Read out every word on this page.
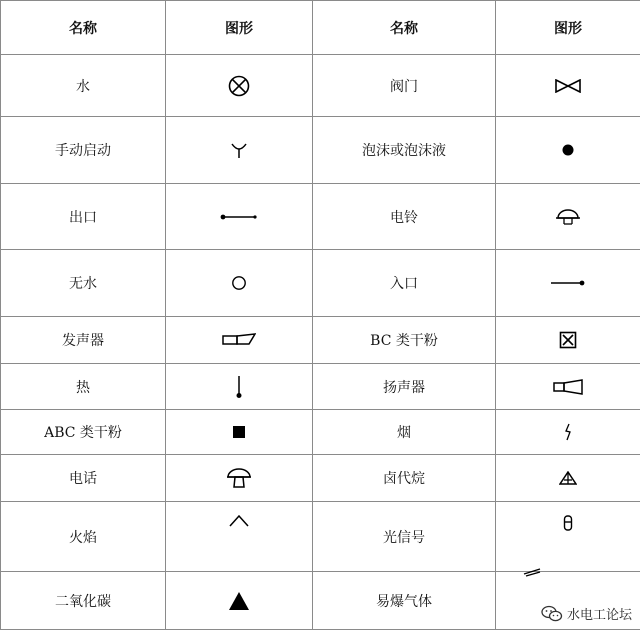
名称	图形	名称	图形
水		阀门	

手动启动		泡沫或泡沫液	

出口		电铃	

无水		入口	

发声器		BC 类干粉	

热		扬声器	

ABC 类干粉		烟	

电话		卤代烷	

火焰		光信号	

二氧化碳		易爆气体	
水电工论坛
